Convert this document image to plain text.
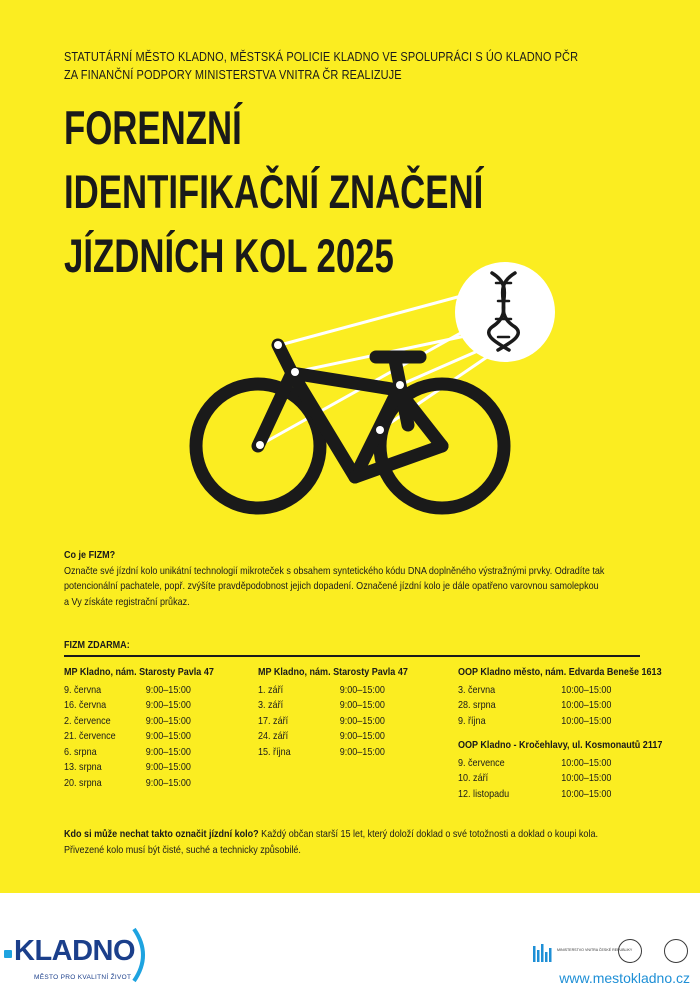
STATUTÁRNÍ MĚSTO KLADNO, MĚSTSKÁ POLICIE KLADNO VE SPOLUPRÁCI S ÚO KLADNO PČR
ZA FINANČNÍ PODPORY MINISTERSTVA VNITRA ČR REALIZUJE
FORENZNÍ
IDENTIFIKAČNÍ ZNAČENÍ
JÍZDNÍCH KOL 2025
Co je FIZM?
Označte své jízdní kolo unikátní technologií mikroteček s obsahem syntetického kódu DNA doplněného výstražnými prvky. Odradíte tak
potencionální pachatele, popř. zvýšíte pravděpodobnost jejich dopadení. Označené jízdní kolo je dále opatřeno varovnou samolepkou
a Vy získáte registrační průkaz.
FIZM ZDARMA:
MP Kladno, nám. Starosty Pavla 47
9. června	9:00–15:00
16. června	9:00–15:00
2. července	9:00–15:00
21. července	9:00–15:00
6. srpna	9:00–15:00
13. srpna	9:00–15:00
20. srpna	9:00–15:00
MP Kladno, nám. Starosty Pavla 47
1. září	9:00–15:00
3. září	9:00–15:00
17. září	9:00–15:00
24. září	9:00–15:00
15. října	9:00–15:00
OOP Kladno město, nám. Edvarda Beneše 1613
3. června	10:00–15:00
28. srpna	10:00–15:00
9. října	10:00–15:00
OOP Kladno - Kročehlavy, ul. Kosmonautů 2117
9. července	10:00–15:00
10. září	10:00–15:00
12. listopadu	10:00–15:00
Kdo si může nechat takto označit jízdní kolo? Každý občan starší 15 let, který doloží doklad o své totožnosti a doklad o koupi kola.
Přivezené kolo musí být čisté, suché a technicky způsobilé.
KLADNO
MĚSTO PRO KVALITNÍ ŽIVOT
MINISTERSTVO VNITRA ČESKÉ REPUBLIKY
www.mestokladno.cz
